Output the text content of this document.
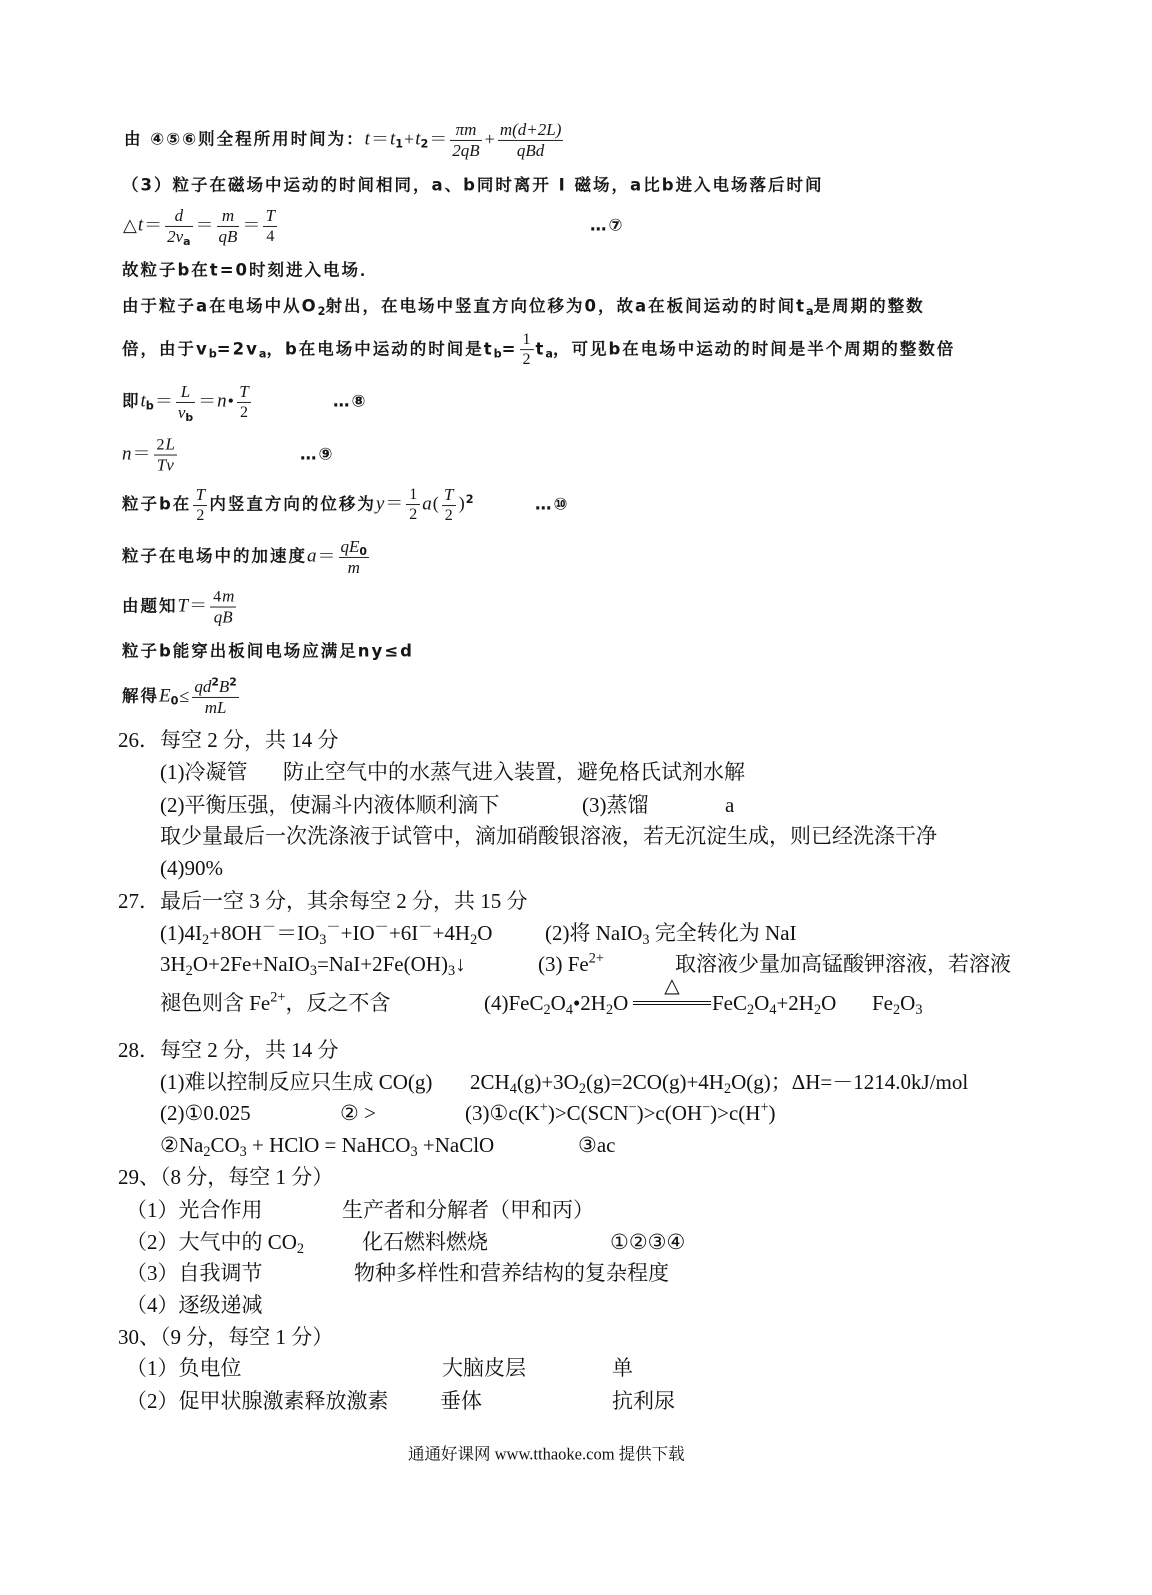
由 ④⑤⑥则全程所用时间为：$t=t1+t2= \frac{\pi m}{2qB} + \frac{m(d+2L)}{\text{qBd}}$
（3）粒子在磁场中运动的时间相同，a、b同时离开 I 磁场，a比b进入电场落后时间
△t＝ $\frac{d}{2va} = \frac{m}{qB} = \frac{T}{4}$	…⑦
故粒子b在t=0时刻进入电场．
由于粒子a在电场中从O2射出，在电场中竖直方向位移为0，故a在板间运动的时间ta是周期的整数
倍，由于vb=2va，b在电场中运动的时间是$tb= \frac{1}{2}$ ta，可见b在电场中运动的时间是半个周期的整数倍
即$tb= \frac{L}{vb}$ ＝n• $\frac{T}{2}$	…⑧
$n= \frac{2L}{Tv}$	…⑨
粒子b在 $\frac{T}{2}$ 内竖直方向的位移为$y= \frac{1}{2} a( \frac{T}{2} )^2$	…⑩
粒子在电场中的加速度$a= \frac{qE0}{m}$
由题知$T= \frac{4m}{qB}$
粒子b能穿出板间电场应满足ny≤d
解得$E0\le \frac{qd^2B^2}{mL}$
26．每空 2 分，共 14 分
(1)冷凝管 防止空气中的水蒸气进入装置，避免格氏试剂水解
(2)平衡压强，使漏斗内液体顺利滴下	(3)蒸馏	a
取少量最后一次洗涤液于试管中，滴加硝酸银溶液，若无沉淀生成，则已经洗涤干净
(4)90%
27．最后一空 3 分，其余每空 2 分，共 15 分
(1)4I2+8OH－＝IO3－+IO－+6I－+4H2O	(2)将 NaIO3 完全转化为 NaI
3H2O+2Fe+NaIO3=NaI+2Fe(OH)3↓	(3) $Fe^{2+}$	取溶液少量加高锰酸钾溶液，若溶液
褪色则含 $Fe^{2+}$，反之不含	(4)FeC2O4•2H2O
△
FeC2O4+2H2O Fe2O3
28．每空 2 分，共 14 分
(1)难以控制反应只生成 CO(g) 2CH4(g)+3O2(g)=2CO(g)+4H2O(g)；ΔH=－1214.0kJ/mol
(2)①0.025	② >	(3)①c(K+)>C(SCN−)>c(OH−)>c(H+)
②Na2CO3 + HClO = NaHCO3 +NaClO	③ac
29、（8 分，每空 1 分）
（1）光合作用	生产者和分解者（甲和丙）
（2）大气中的 CO2	化石燃料燃烧	①②③④
（3）自我调节	物种多样性和营养结构的复杂程度
（4）逐级递减
30、（9 分，每空 1 分）
（1）负电位	大脑皮层	单
（2）促甲状腺激素释放激素 垂体	抗利尿
通通好课网 www.tthaoke.com 提供下载
